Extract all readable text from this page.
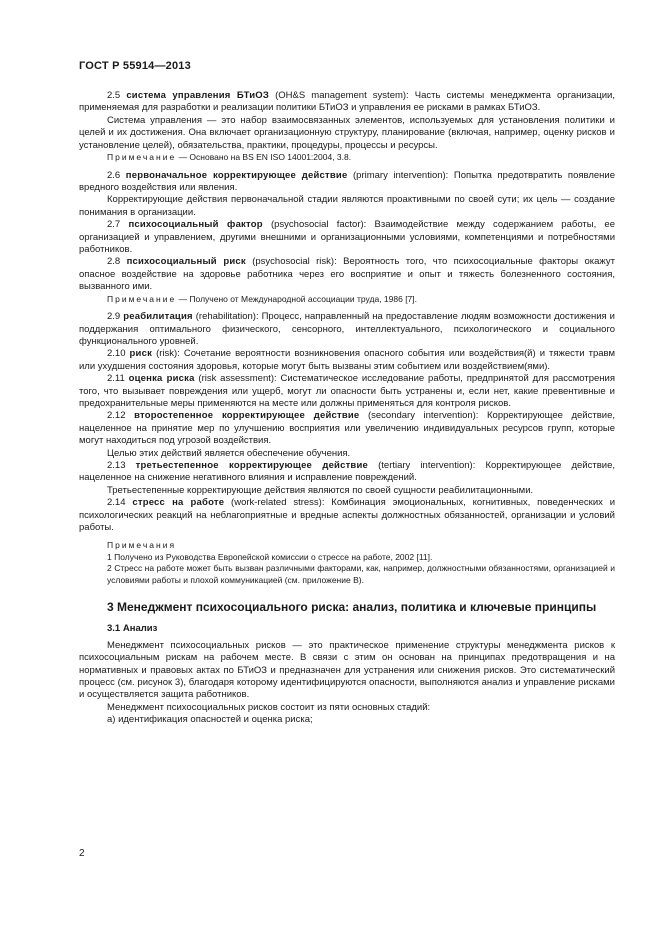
ГОСТ Р 55914—2013

2.5 система управления БТиОЗ (OH&S management system): Часть системы менеджмента организации, применяемая для разработки и реализации политики БТиОЗ и управления ее рисками в рамках БТиОЗ.

Система управления — это набор взаимосвязанных элементов, используемых для установления политики и целей и их достижения. Она включает организационную структуру, планирование (включая, например, оценку рисков и установление целей), обязательства, практики, процедуры, процессы и ресурсы.

Примечание — Основано на BS EN ISO 14001:2004, 3.8.

2.6 первоначальное корректирующее действие (primary intervention): Попытка предотвратить появление вредного воздействия или явления.

Корректирующие действия первоначальной стадии являются проактивными по своей сути; их цель — создание понимания в организации.

2.7 психосоциальный фактор (psychosocial factor): Взаимодействие между содержанием работы, ее организацией и управлением, другими внешними и организационными условиями, компетенциями и потребностями работников.

2.8 психосоциальный риск (psychosocial risk): Вероятность того, что психосоциальные факторы окажут опасное воздействие на здоровье работника через его восприятие и опыт и тяжесть болезненного состояния, вызванного ими.

Примечание — Получено от Международной ассоциации труда, 1986 [7].

2.9 реабилитация (rehabilitation): Процесс, направленный на предоставление людям возможности достижения и поддержания оптимального физического, сенсорного, интеллектуального, психологического и социального функционального уровней.

2.10 риск (risk): Сочетание вероятности возникновения опасного события или воздействия(й) и тяжести травм или ухудшения состояния здоровья, которые могут быть вызваны этим событием или воздействием(ями).

2.11 оценка риска (risk assessment): Систематическое исследование работы, предпринятой для рассмотрения того, что вызывает повреждения или ущерб, могут ли опасности быть устранены и, если нет, какие превентивные и предохранительные меры применяются на месте или должны применяться для контроля рисков.

2.12 второстепенное корректирующее действие (secondary intervention): Корректирующее действие, нацеленное на принятие мер по улучшению восприятия или увеличению индивидуальных ресурсов групп, которые могут находиться под угрозой воздействия.

Целью этих действий является обеспечение обучения.

2.13 третьестепенное корректирующее действие (tertiary intervention): Корректирующее действие, нацеленное на снижение негативного влияния и исправление повреждений.

Третьестепенные корректирующие действия являются по своей сущности реабилитационными.

2.14 стресс на работе (work-related stress): Комбинация эмоциональных, когнитивных, поведенческих и психологических реакций на неблагоприятные и вредные аспекты должностных обязанностей, организации и условий работы.

Примечания

1 Получено из Руководства Европейской комиссии о стрессе на работе, 2002 [11].

2 Стресс на работе может быть вызван различными факторами, как, например, должностными обязанностями, организацией и условиями работы и плохой коммуникацией (см. приложение В).

3 Менеджмент психосоциального риска: анализ, политика и ключевые принципы

3.1 Анализ

Менеджмент психосоциальных рисков — это практическое применение структуры менеджмента рисков к психосоциальным рискам на рабочем месте. В связи с этим он основан на принципах предотвращения и на нормативных и правовых актах по БТиОЗ и предназначен для устранения или снижения рисков. Это систематический процесс (см. рисунок 3), благодаря которому идентифицируются опасности, выполняются анализ и управление рисками и осуществляется защита работников.

Менеджмент психосоциальных рисков состоит из пяти основных стадий:

а) идентификация опасностей и оценка риска;

2
